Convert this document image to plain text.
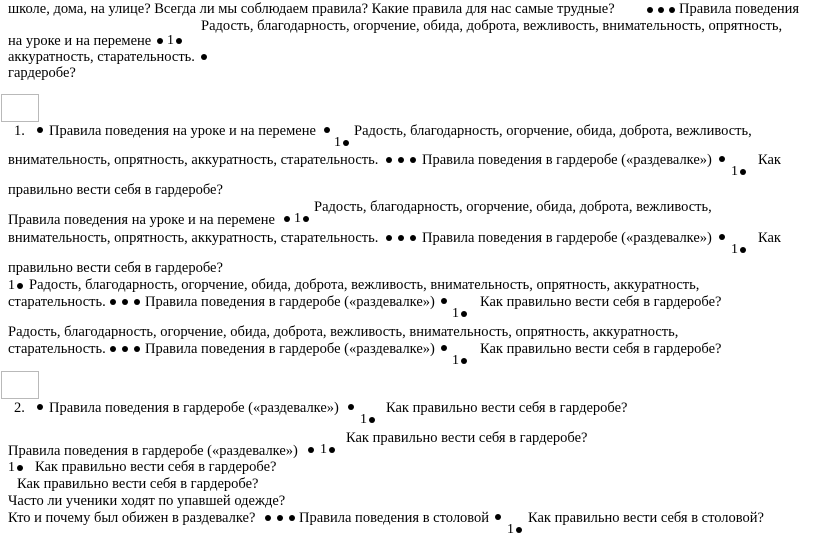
школе, дома, на улице? Всегда ли мы соблюдаем правила? Какие правила для нас самые трудные?	Правила поведения
Радость, благодарность, огорчение, обида, доброта, вежливость, внимательность, опрятность,
на уроке и на перемене 1
аккуратность, старательность.
гардеробе?
1. Правила поведения на уроке и на перемене
1
Радость, благодарность, огорчение, обида, доброта, вежливость,
внимательность, опрятность, аккуратность, старательность.	Правила поведения в гардеробе («раздевалке»)
1
Как
правильно вести себя в гардеробе?
Радость, благодарность, огорчение, обида, доброта, вежливость,
Правила поведения на уроке и на перемене 1
внимательность, опрятность, аккуратность, старательность.	Правила поведения в гардеробе («раздевалке»)
1
Как
правильно вести себя в гардеробе?
1 Радость, благодарность, огорчение, обида, доброта, вежливость, внимательность, опрятность, аккуратность,
старательность.	Правила поведения в гардеробе («раздевалке»)
1
Как правильно вести себя в гардеробе?
Радость, благодарность, огорчение, обида, доброта, вежливость, внимательность, опрятность, аккуратность,
старательность.	Правила поведения в гардеробе («раздевалке»)
1
Как правильно вести себя в гардеробе?
2. Правила поведения в гардеробе («раздевалке»)
1
Как правильно вести себя в гардеробе?
Как правильно вести себя в гардеробе?
Правила поведения в гардеробе («раздевалке») 1
1 Как правильно вести себя в гардеробе?
Как правильно вести себя в гардеробе?
Часто ли ученики ходят по упавшей одежде?
Кто и почему был обижен в раздевалке?	Правила поведения в столовой
1
Как правильно вести себя в столовой?
